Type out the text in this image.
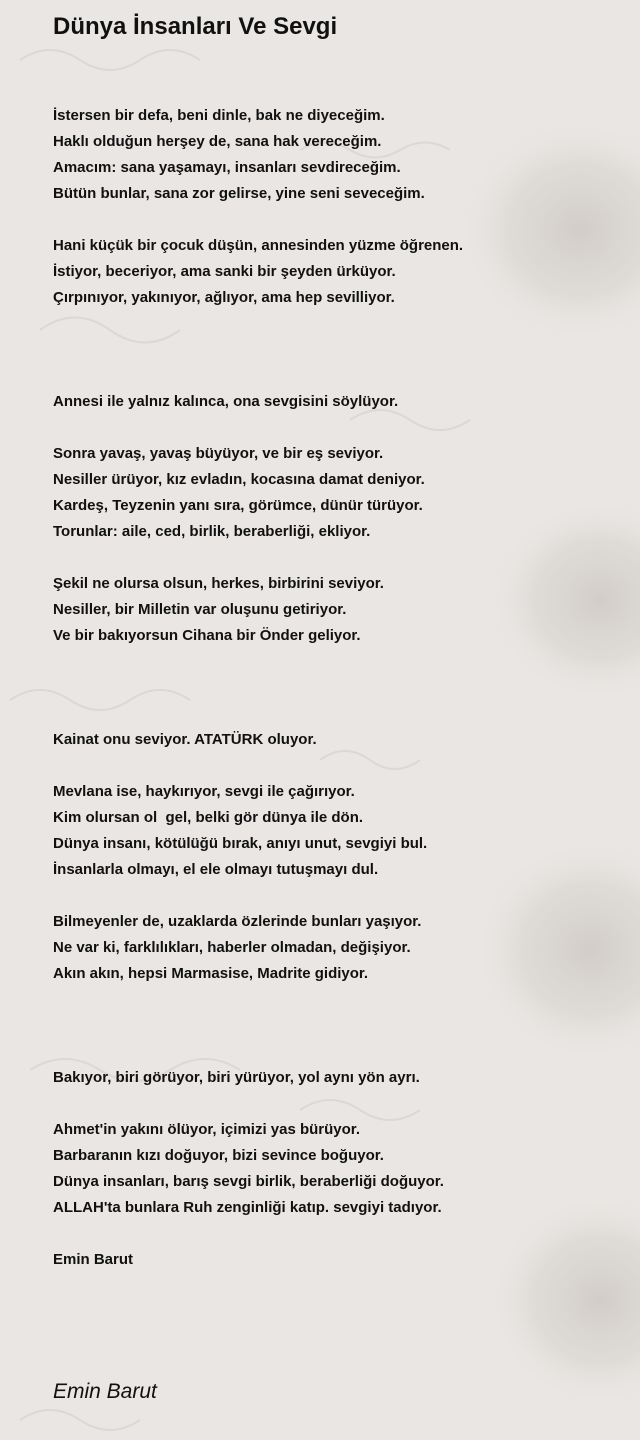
Dünya İnsanları Ve Sevgi
İstersen bir defa, beni dinle, bak ne diyeceğim.
Haklı olduğun herşey de, sana hak vereceğim.
Amacım: sana yaşamayı, insanları sevdireceğim.
Bütün bunlar, sana zor gelirse, yine seni seveceğim.
Hani küçük bir çocuk düşün, annesinden yüzme öğrenen.
İstiyor, beceriyor, ama sanki bir şeyden ürküyor.
Çırpınıyor, yakınıyor, ağlıyor, ama hep sevilliyor.
Annesi ile yalnız kalınca, ona sevgisini söylüyor.
Sonra yavaş, yavaş büyüyor, ve bir eş seviyor.
Nesiller ürüyor, kız evladın, kocasına damat deniyor.
Kardeş, Teyzenin yanı sıra, görümce, dünür türüyor.
Torunlar: aile, ced, birlik, beraberliği, ekliyor.
Şekil ne olursa olsun, herkes, birbirini seviyor.
Nesiller, bir Milletin var oluşunu getiriyor.
Ve bir bakıyorsun Cihana bir Önder geliyor.
Kainat onu seviyor. ATATÜRK oluyor.
Mevlana ise, haykırıyor, sevgi ile çağırıyor.
Kim olursan ol  gel, belki gör dünya ile dön.
Dünya insanı, kötülüğü bırak, anıyı unut, sevgiyi bul.
İnsanlarla olmayı, el ele olmayı tutuşmayı dul.
Bilmeyenler de, uzaklarda özlerinde bunları yaşıyor.
Ne var ki, farklılıkları, haberler olmadan, değişiyor.
Akın akın, hepsi Marmasise, Madrite gidiyor.
Bakıyor, biri görüyor, biri yürüyor, yol aynı yön ayrı.
Ahmet'in yakını ölüyor, içimizi yas bürüyor.
Barbaranın kızı doğuyor, bizi sevince boğuyor.
Dünya insanları, barış sevgi birlik, beraberliği doğuyor.
ALLAH'ta bunlara Ruh zenginliği katıp. sevgiyi tadıyor.
Emin Barut
Emin Barut
